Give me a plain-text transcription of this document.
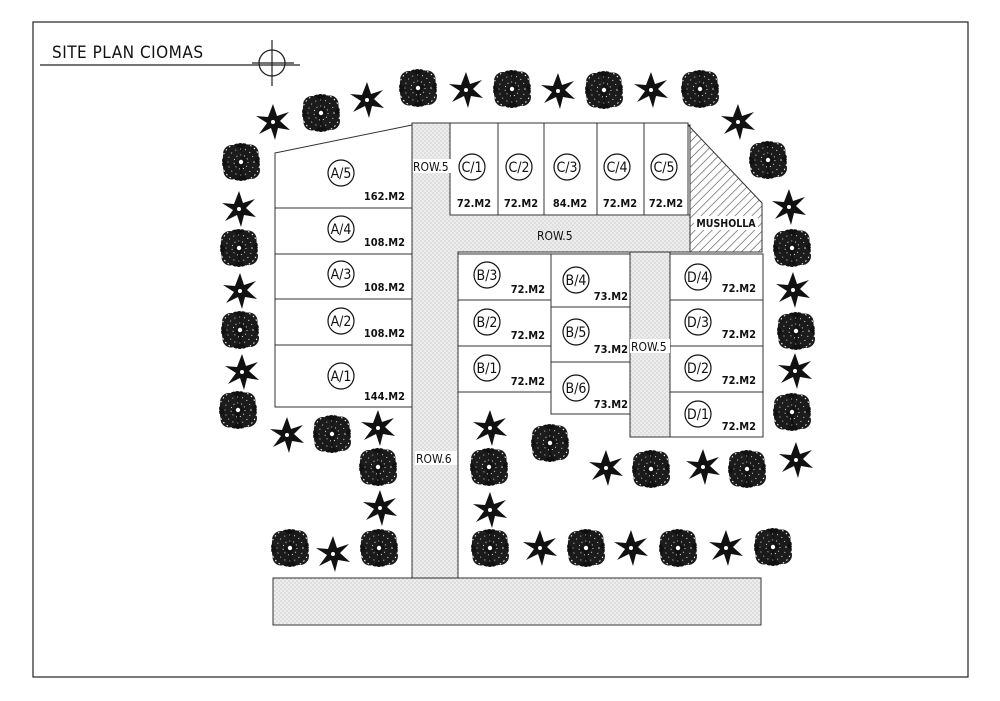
SITE PLAN CIOMAS
MUSHOLLA
A/5
162.M2
A/4
108.M2
A/3
108.M2
A/2
108.M2
A/1
144.M2
C/1
72.M2
C/2
72.M2
C/3
84.M2
C/4
72.M2
C/5
72.M2
B/3
72.M2
B/2
72.M2
B/1
72.M2
B/4
73.M2
B/5
73.M2
B/6
73.M2
D/4
72.M2
D/3
72.M2
D/2
72.M2
D/1
72.M2
ROW.5
ROW.5
ROW.5
ROW.6
